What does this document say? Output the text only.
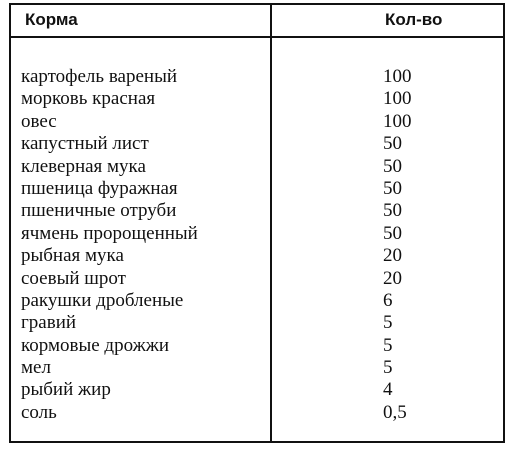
Корма	Кол-во
картофель вареный	100
морковь красная	100
овес	100
капустный лист	50
клеверная мука	50
пшеница фуражная	50
пшеничные отруби	50
ячмень пророщенный	50
рыбная мука	20
соевый шрот	20
ракушки дробленые	6
гравий	5
кормовые дрожжи	5
мел	5
рыбий жир	4
соль	0,5
